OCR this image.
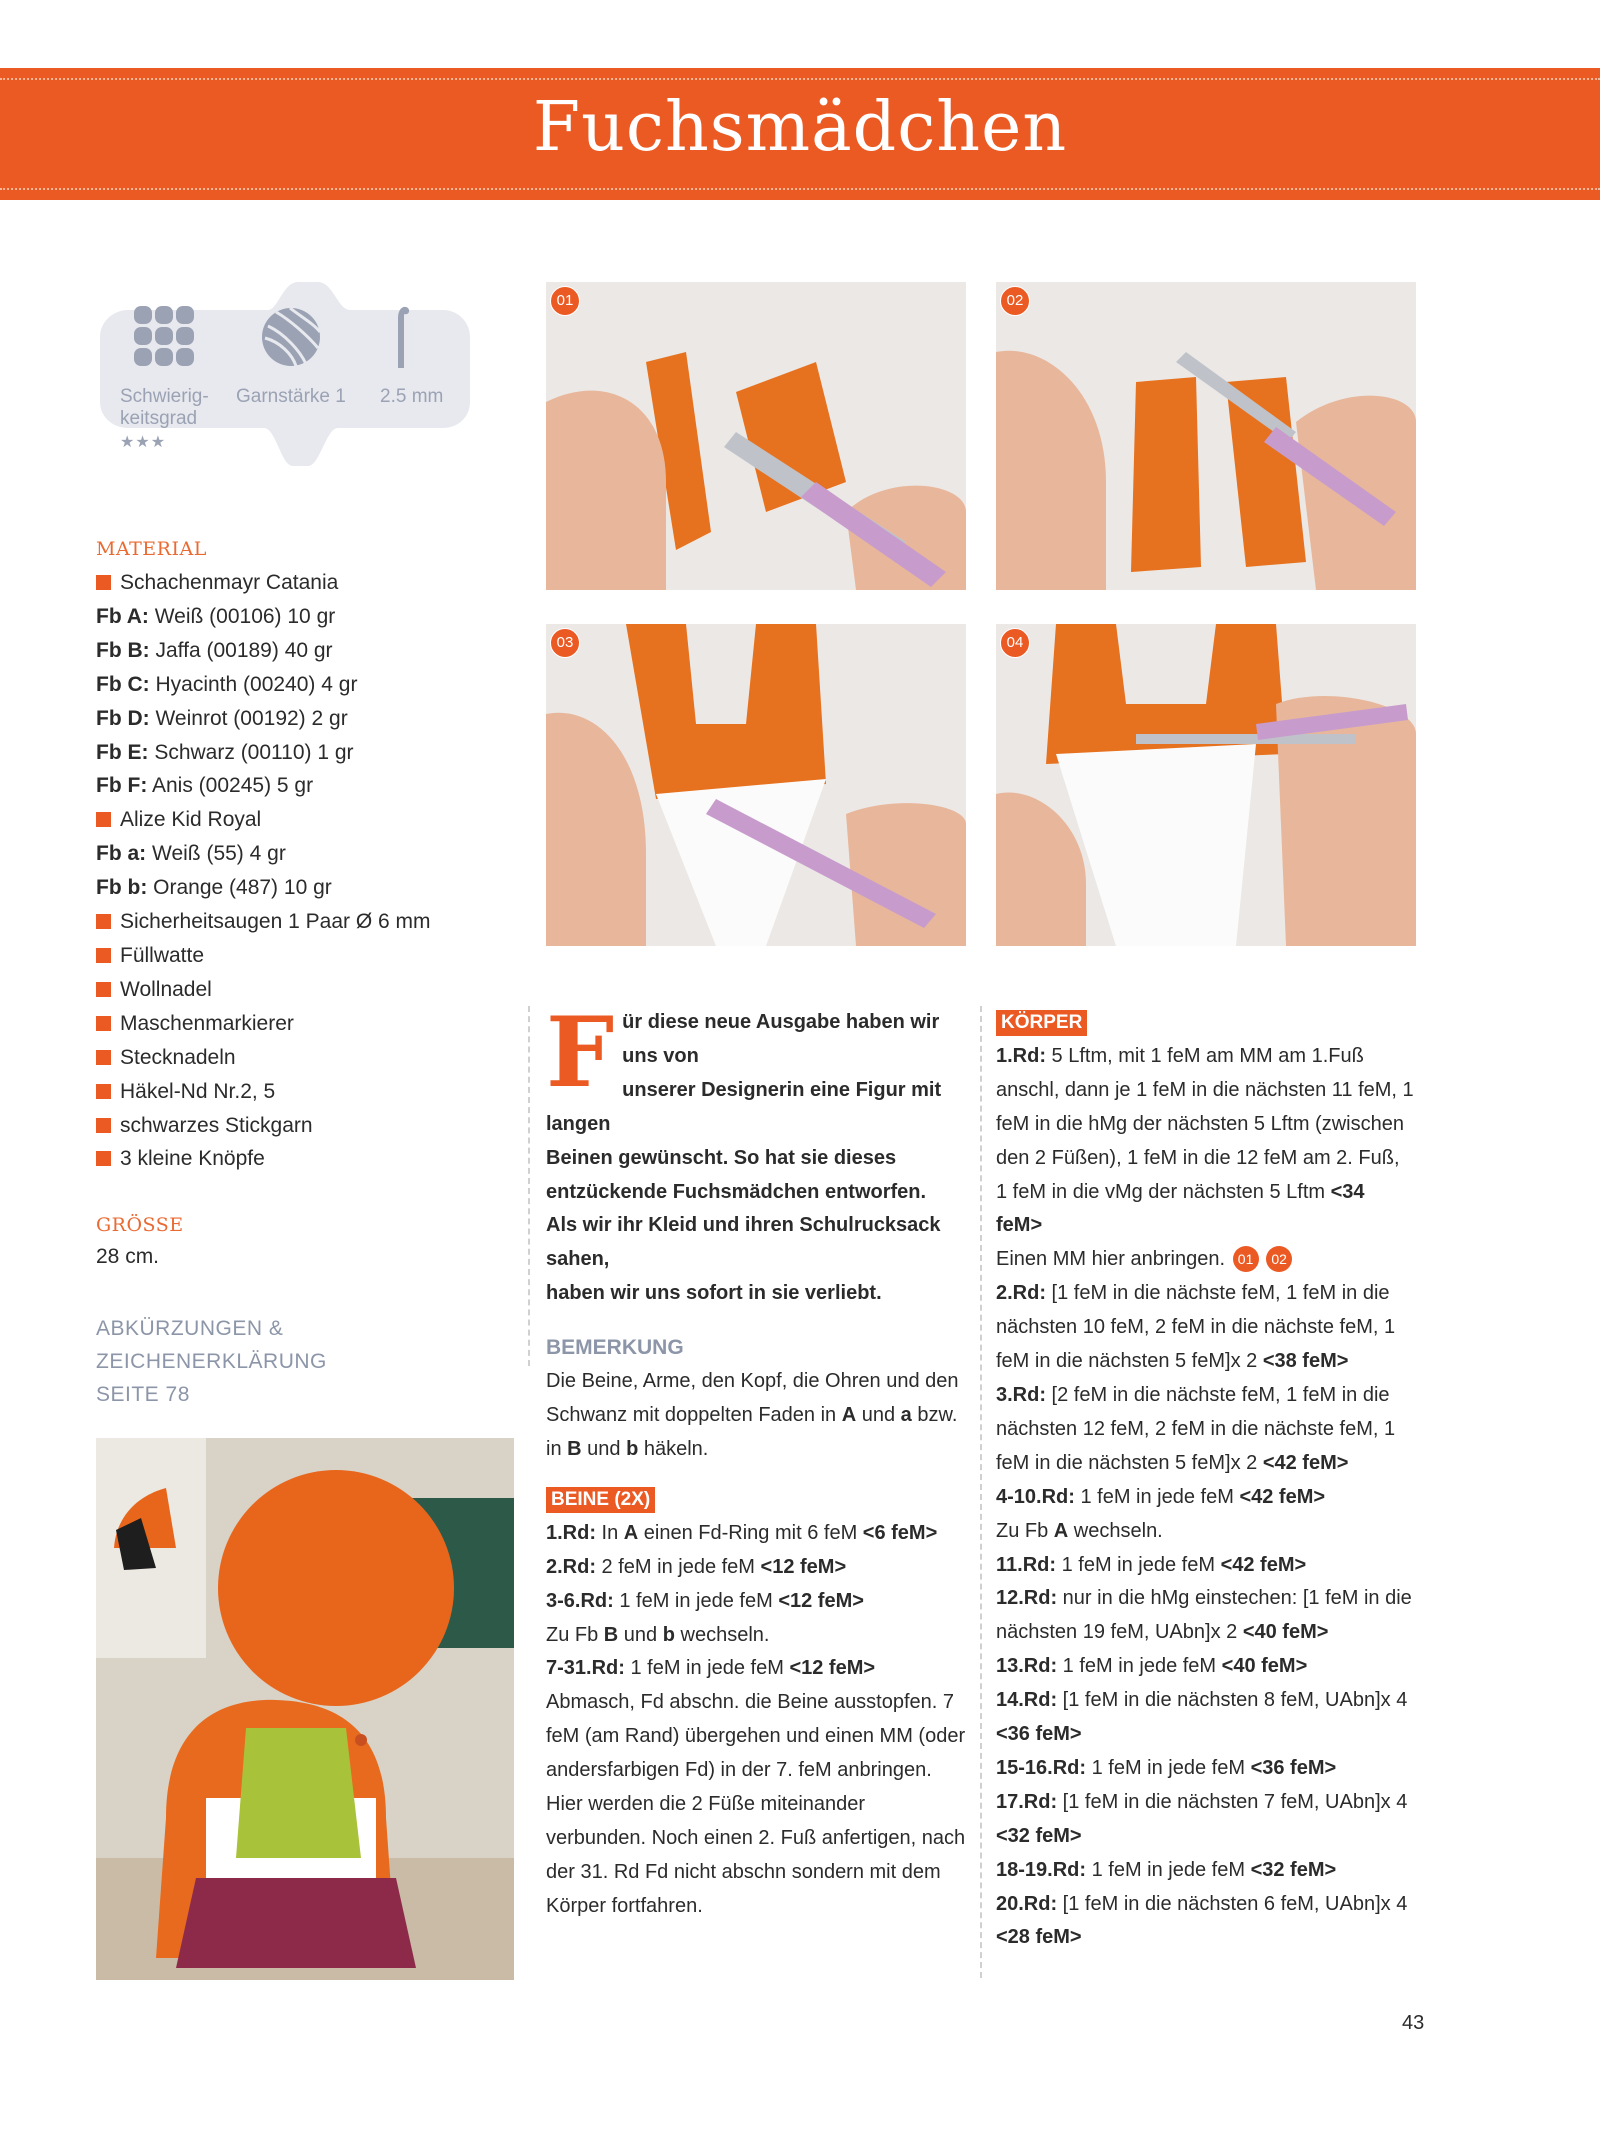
Fuchsmädchen
Schwierig-
keitsgrad
Garnstärke 1 2.5 mm
★★★
MATERIAL
Schachenmayr Catania
Fb A: Weiß (00106) 10 gr
Fb B: Jaffa (00189) 40 gr
Fb C: Hyacinth (00240) 4 gr
Fb D: Weinrot (00192) 2 gr
Fb E: Schwarz (00110) 1 gr
Fb F: Anis (00245) 5 gr
Alize Kid Royal
Fb a: Weiß (55) 4 gr
Fb b: Orange (487) 10 gr
Sicherheitsaugen 1 Paar Ø 6 mm
Füllwatte
Wollnadel
Maschenmarkierer
Stecknadeln
Häkel-Nd Nr.2, 5
schwarzes Stickgarn
3 kleine Knöpfe
GRÖSSE
28 cm.
ABKÜRZUNGEN & ZEICHENERKLÄRUNG
SEITE 78
01	02
03	04
F ür diese neue Ausgabe haben wir uns von
unserer Designerin eine Figur mit langen
Beinen gewünscht. So hat sie dieses
entzückende Fuchsmädchen entworfen.
Als wir ihr Kleid und ihren Schulrucksack sahen,
haben wir uns sofort in sie verliebt.
BEMERKUNG

Die Beine, Arme, den Kopf, die Ohren und den Schwanz mit doppelten Faden in A und a bzw. in B und b häkeln.

BEINE (2X)

1.Rd: In A einen Fd-Ring mit 6 feM <6 feM>

2.Rd: 2 feM in jede feM <12 feM>

3-6.Rd: 1 feM in jede feM <12 feM>

Zu Fb B und b wechseln.

7-31.Rd: 1 feM in jede feM <12 feM>

Abmasch, Fd abschn. die Beine ausstopfen. 7 feM (am Rand) übergehen und einen MM (oder andersfarbigen Fd) in der 7. feM anbringen. Hier werden die 2 Füße miteinander verbunden. Noch einen 2. Fuß anfertigen, nach der 31. Rd Fd nicht abschn sondern mit dem Körper fortfahren.

KÖRPER

1.Rd: 5 Lftm, mit 1 feM am MM am 1.Fuß anschl, dann je 1 feM in die nächsten 11 feM, 1 feM in die hMg der nächsten 5 Lftm (zwischen den 2 Füßen), 1 feM in die 12 feM am 2. Fuß, 1 feM in die vMg der nächsten 5 Lftm <34 feM>

Einen MM hier anbringen. 01 02

2.Rd: [1 feM in die nächste feM, 1 feM in die nächsten 10 feM, 2 feM in die nächste feM, 1 feM in die nächsten 5 feM]x 2 <38 feM>

3.Rd: [2 feM in die nächste feM, 1 feM in die nächsten 12 feM, 2 feM in die nächste feM, 1 feM in die nächsten 5 feM]x 2 <42 feM>

4-10.Rd: 1 feM in jede feM <42 feM>

Zu Fb A wechseln.

11.Rd: 1 feM in jede feM <42 feM>

12.Rd: nur in die hMg einstechen: [1 feM in die nächsten 19 feM, UAbn]x 2 <40 feM>

13.Rd: 1 feM in jede feM <40 feM>

14.Rd: [1 feM in die nächsten 8 feM, UAbn]x 4 <36 feM>

15-16.Rd: 1 feM in jede feM <36 feM>

17.Rd: [1 feM in die nächsten 7 feM, UAbn]x 4 <32 feM>

18-19.Rd: 1 feM in jede feM <32 feM>

20.Rd: [1 feM in die nächsten 6 feM, UAbn]x 4 <28 feM>

43
